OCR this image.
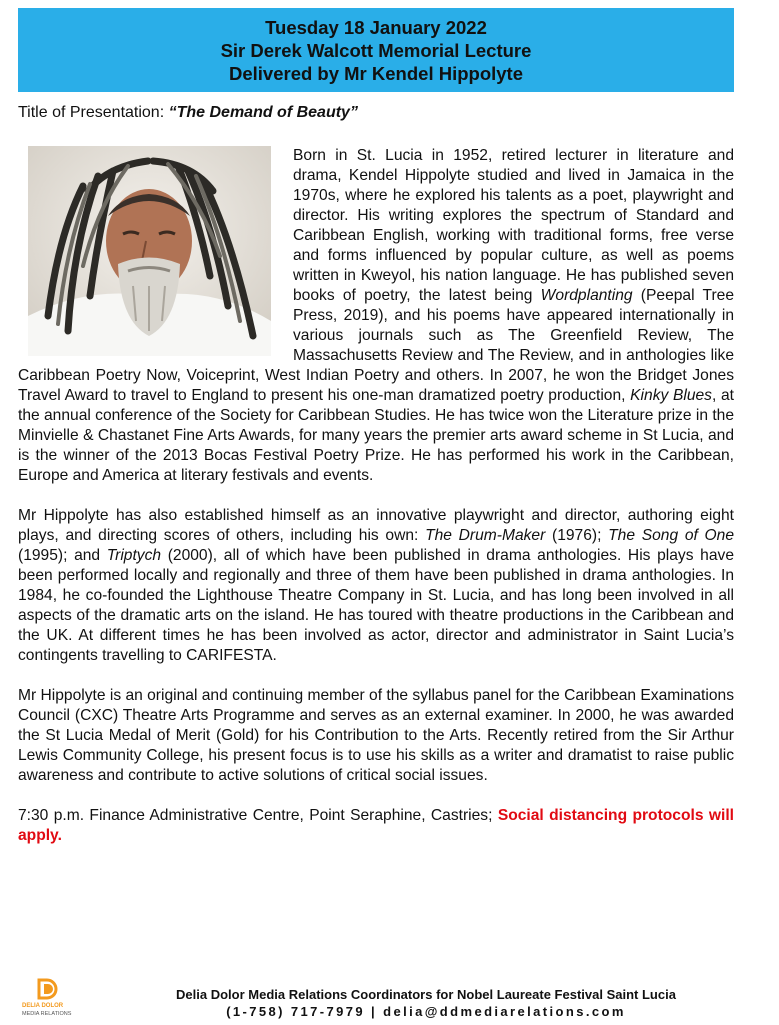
Tuesday 18 January 2022
Sir Derek Walcott Memorial Lecture
Delivered by Mr Kendel Hippolyte
Title of Presentation: “The Demand of Beauty”

Born in St. Lucia in 1952, retired lecturer in literature and drama, Kendel Hippolyte studied and lived in Jamaica in the 1970s, where he explored his talents as a poet, playwright and director. His writing explores the spectrum of Standard and Caribbean English, working with traditional forms, free verse and forms influenced by popular culture, as well as poems written in Kweyol, his nation language. He has published seven books of poetry, the latest being Wordplanting (Peepal Tree Press, 2019), and his poems have appeared internationally in various journals such as The Greenfield Review, The Massachusetts Review and The Review, and in anthologies like Caribbean Poetry Now, Voiceprint, West Indian Poetry and others. In 2007, he won the Bridget Jones Travel Award to travel to England to present his one-man dramatized poetry production, Kinky Blues, at the annual conference of the Society for Caribbean Studies. He has twice won the Literature prize in the Minvielle & Chastanet Fine Arts Awards, for many years the premier arts award scheme in St Lucia, and is the winner of the 2013 Bocas Festival Poetry Prize. He has performed his work in the Caribbean, Europe and America at literary festivals and events.

Mr Hippolyte has also established himself as an innovative playwright and director, authoring eight plays, and directing scores of others, including his own: The Drum-Maker (1976); The Song of One (1995); and Triptych (2000), all of which have been published in drama anthologies. His plays have been performed locally and regionally and three of them have been published in drama anthologies. In 1984, he co-founded the Lighthouse Theatre Company in St. Lucia, and has long been involved in all aspects of the dramatic arts on the island. He has toured with theatre productions in the Caribbean and the UK. At different times he has been involved as actor, director and administrator in Saint Lucia’s contingents travelling to CARIFESTA.

Mr Hippolyte is an original and continuing member of the syllabus panel for the Caribbean Examinations Council (CXC) Theatre Arts Programme and serves as an external examiner. In 2000, he was awarded the St Lucia Medal of Merit (Gold) for his Contribution to the Arts. Recently retired from the Sir Arthur Lewis Community College, his present focus is to use his skills as a writer and dramatist to raise public awareness and contribute to active solutions of critical social issues.

7:30 p.m. Finance Administrative Centre, Point Seraphine, Castries; Social distancing protocols will apply.

DELIA DOLOR
MEDIA RELATIONS
Delia Dolor Media Relations Coordinators for Nobel Laureate Festival Saint Lucia
(1-758) 717-7979 | delia@ddmediarelations.com
